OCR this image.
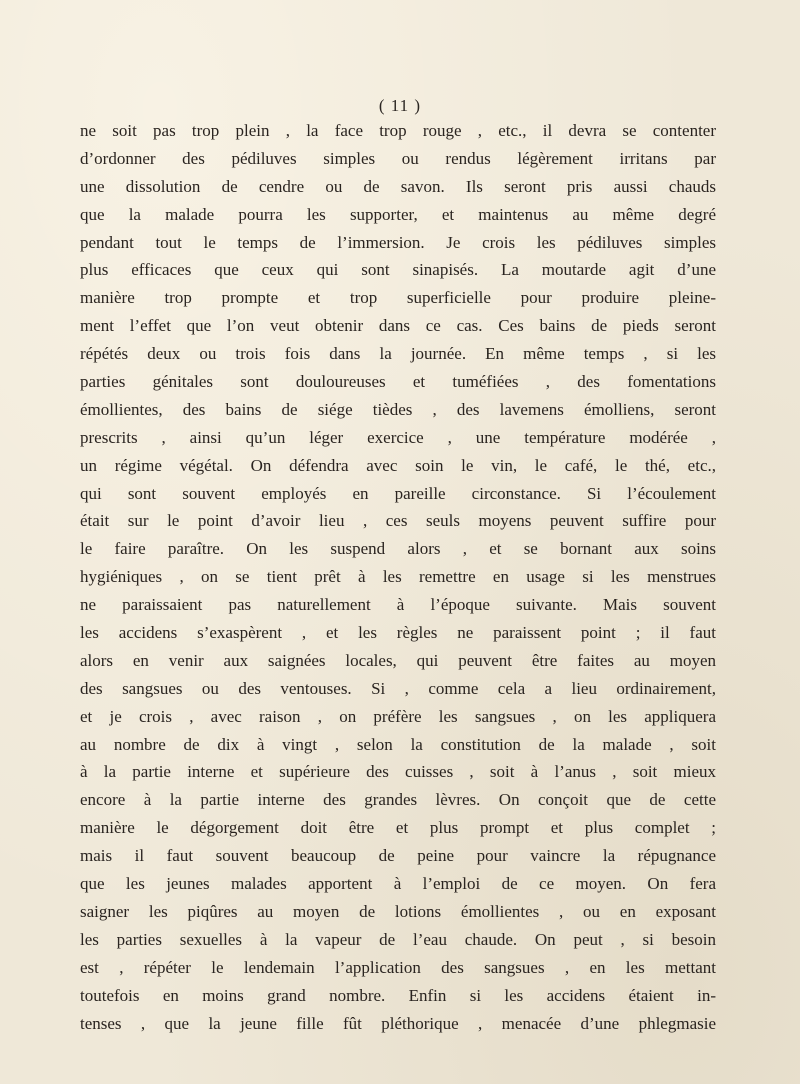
( 11 )
ne soit pas trop plein , la face trop rouge , etc., il devra se contenter
d’ordonner des pédiluves simples ou rendus légèrement irritans par
une dissolution de cendre ou de savon. Ils seront pris aussi chauds
que la malade pourra les supporter, et maintenus au même degré
pendant tout le temps de l’immersion. Je crois les pédiluves simples
plus efficaces que ceux qui sont sinapisés. La moutarde agit d’une
manière trop prompte et trop superficielle pour produire pleine-
ment l’effet que l’on veut obtenir dans ce cas. Ces bains de pieds seront
répétés deux ou trois fois dans la journée. En même temps , si les
parties génitales sont douloureuses et tuméfiées , des fomentations
émollientes, des bains de siége tièdes , des lavemens émolliens, seront
prescrits , ainsi qu’un léger exercice , une température modérée ,
un régime végétal. On défendra avec soin le vin, le café, le thé, etc.,
qui sont souvent employés en pareille circonstance. Si l’écoulement
était sur le point d’avoir lieu , ces seuls moyens peuvent suffire pour
le faire paraître. On les suspend alors , et se bornant aux soins
hygiéniques , on se tient prêt à les remettre en usage si les menstrues
ne paraissaient pas naturellement à l’époque suivante. Mais souvent
les accidens s’exaspèrent , et les règles ne paraissent point ; il faut
alors en venir aux saignées locales, qui peuvent être faites au moyen
des sangsues ou des ventouses. Si , comme cela a lieu ordinairement,
et je crois , avec raison , on préfère les sangsues , on les appliquera
au nombre de dix à vingt , selon la constitution de la malade , soit
à la partie interne et supérieure des cuisses , soit à l’anus , soit mieux
encore à la partie interne des grandes lèvres. On conçoit que de cette
manière le dégorgement doit être et plus prompt et plus complet ;
mais il faut souvent beaucoup de peine pour vaincre la répugnance
que les jeunes malades apportent à l’emploi de ce moyen. On fera
saigner les piqûres au moyen de lotions émollientes , ou en exposant
les parties sexuelles à la vapeur de l’eau chaude. On peut , si besoin
est , répéter le lendemain l’application des sangsues , en les mettant
toutefois en moins grand nombre. Enfin si les accidens étaient in-
tenses , que la jeune fille fût pléthorique , menacée d’une phlegmasie
